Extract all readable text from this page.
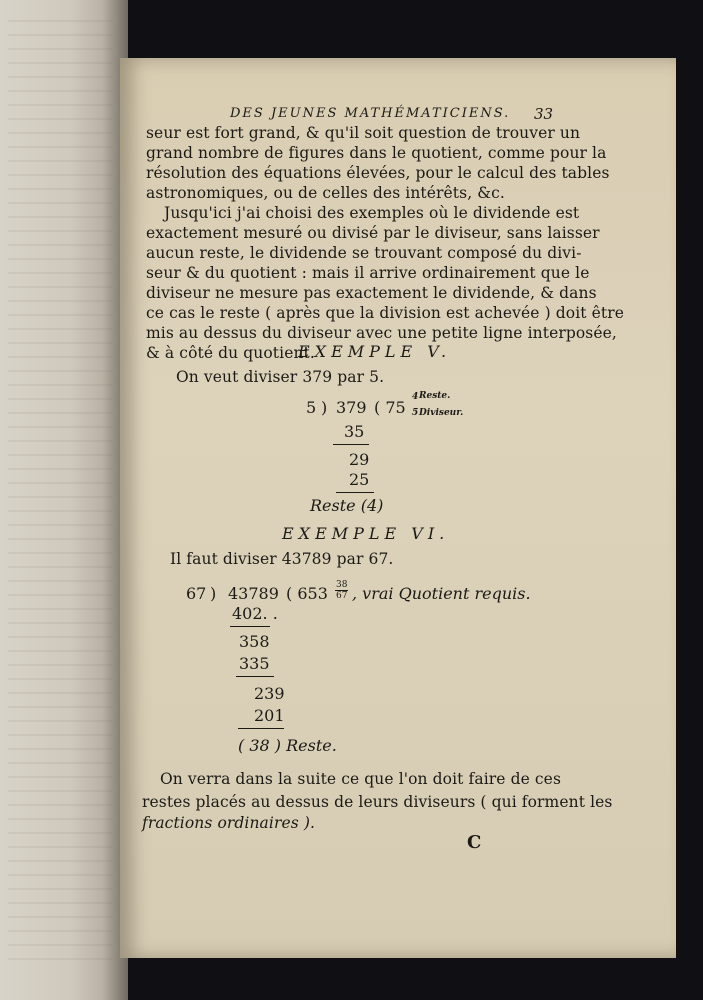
DES JEUNES MATHÉMATICIENS. 33
seur est fort grand, & qu'il soit question de trouver un
grand nombre de figures dans le quotient, comme pour la
résolution des équations élevées, pour le calcul des tables
astronomiques, ou de celles des intérêts, &c.
Jusqu'ici j'ai choisi des exemples où le dividende est
exactement mesuré ou divisé par le diviseur, sans laisser
aucun reste, le dividende se trouvant composé du divi-
seur & du quotient : mais il arrive ordinairement que le
diviseur ne mesure pas exactement le dividende, & dans
ce cas le reste ( après que la division est achevée ) doit être
mis au dessus du diviseur avec une petite ligne interposée,
& à côté du quotient.
EXEMPLE V.
On veut diviser 379 par 5.
5 ) 379 ( 75
4 Reste.
5 Diviseur.
35
29
25
Reste (4)
EXEMPLE VI.
Il faut diviser 43789 par 67.
67 ) 43789 ( $653 \frac{38}{67}$ , vrai Quotient requis.
402. .
358
335
239
201
( 38 ) Reste.
On verra dans la suite ce que l'on doit faire de ces
restes placés au dessus de leurs diviseurs ( qui forment les
fractions ordinaires ).
C
